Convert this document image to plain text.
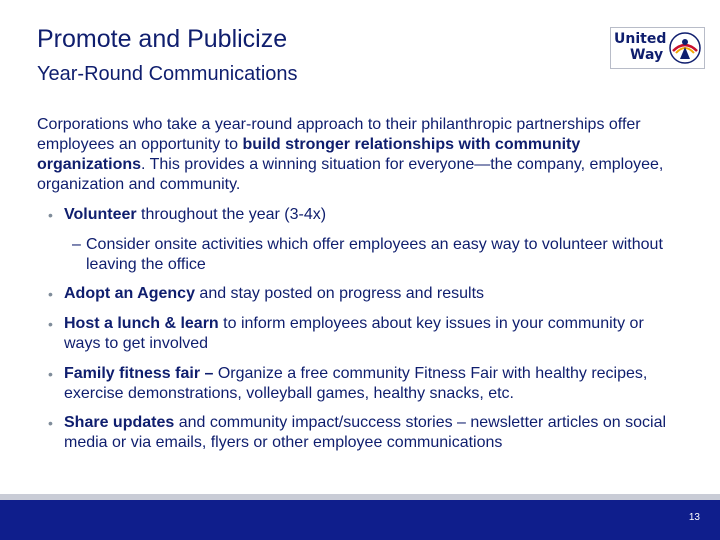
Promote and Publicize
Year-Round Communications
United
Way

Corporations who take a year-round approach to their philanthropic partnerships offer employees an opportunity to build stronger relationships with community organizations. This provides a winning situation for everyone—the company, employee, organization and community.

• Volunteer throughout the year (3-4x)
– Consider onsite activities which offer employees an easy way to volunteer without leaving the office
• Adopt an Agency and stay posted on progress and results
• Host a lunch & learn to inform employees about key issues in your community or ways to get involved
• Family fitness fair – Organize a free community Fitness Fair with healthy recipes, exercise demonstrations, volleyball games, healthy snacks, etc.
• Share updates and community impact/success stories – newsletter articles on social media or via emails, flyers or other employee communications
13
